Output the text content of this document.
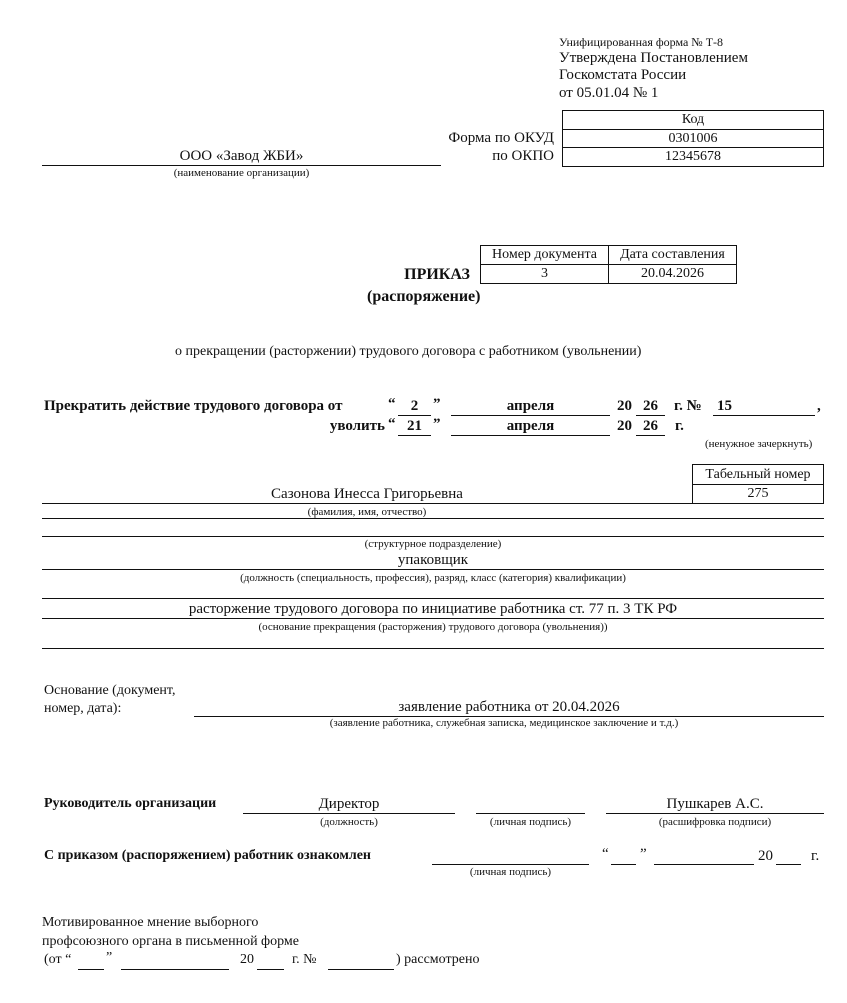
Унифицированная форма № Т-8
Утверждена Постановлением
Госкомстата России
от 05.01.04 № 1
Код
0301006
12345678
Форма по ОКУД
по ОКПО
ООО «Завод ЖБИ»
(наименование организации)
Номер документа	Дата составления
3	20.04.2026
ПРИКАЗ
(распоряжение)
о прекращении (расторжении) трудового договора с работником (увольнении)
Прекратить действие трудового договора от	“	2 ”	апреля	20 26	г. № 15	,
уволить “ 21 ”	апреля	20 26	г.
(ненужное зачеркнуть)
Табельный номер
275
Сазонова Инесса Григорьевна
(фамилия, имя, отчество)
(структурное подразделение)
упаковщик
(должность (специальность, профессия), разряд, класс (категория) квалификации)
расторжение трудового договора по инициативе работника ст. 77 п. 3 ТК РФ
(основание прекращения (расторжения) трудового договора (увольнения))
Основание (документ,
номер, дата):	заявление работника от 20.04.2026
(заявление работника, служебная записка, медицинское заключение и т.д.)
Руководитель организации	Директор
(должность)	(личная подпись)
Пушкарев А.С.
(расшифровка подписи)
С приказом (распоряжением) работник ознакомлен
(личная подпись)
“ ”	20	г.
Мотивированное мнение выборного
профсоюзного органа в письменной форме
(от “ ”	20	г. №	) рассмотрено
